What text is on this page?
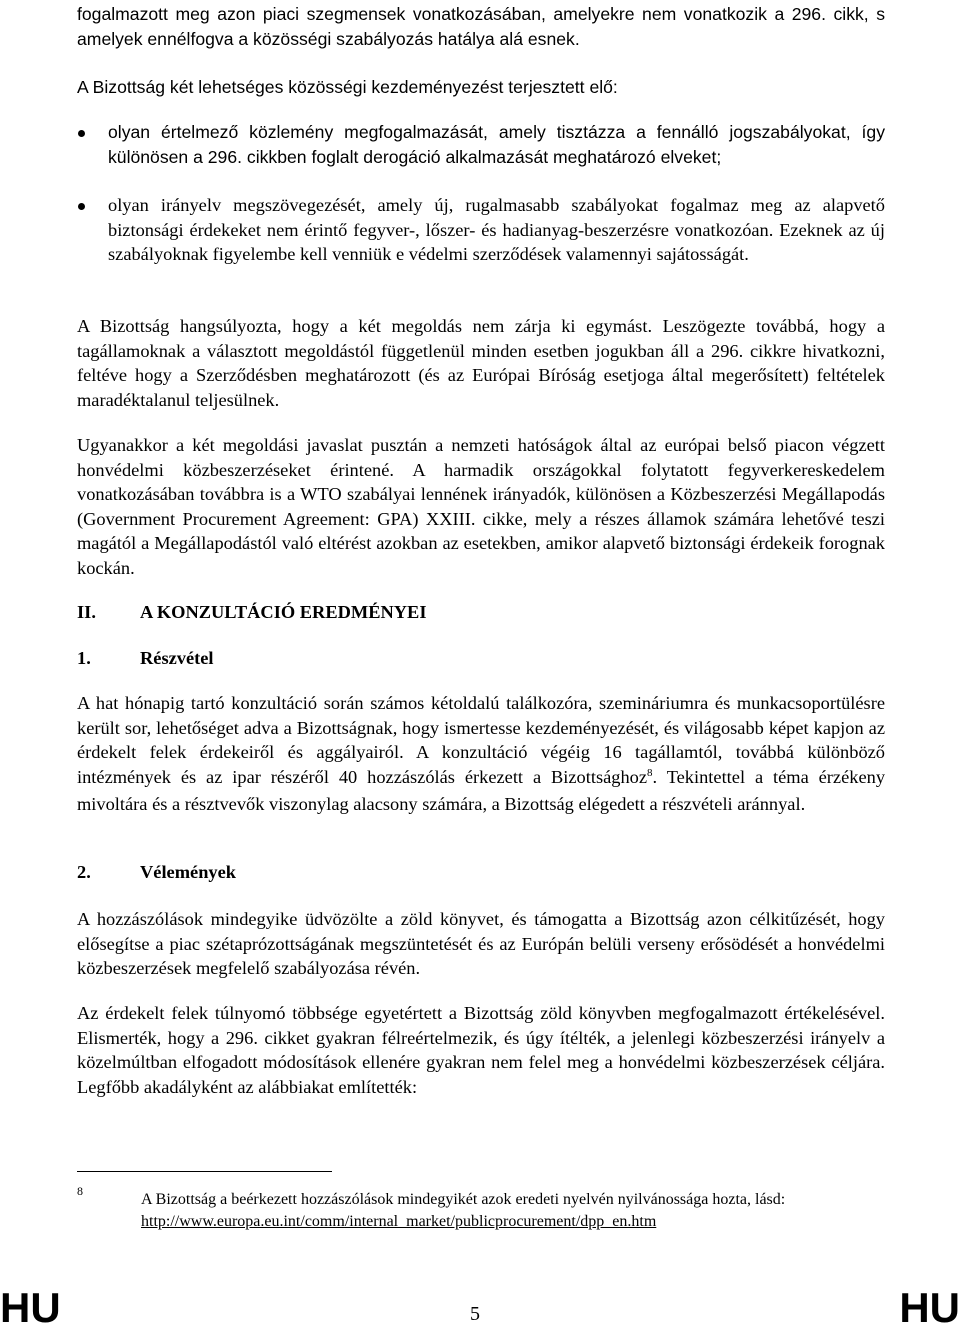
fogalmazott meg azon piaci szegmensek vonatkozásában, amelyekre nem vonatkozik a 296. cikk, s amelyek ennélfogva a közösségi szabályozás hatálya alá esnek.

A Bizottság két lehetséges közösségi kezdeményezést terjesztett elő:

olyan értelmező közlemény megfogalmazását, amely tisztázza a fennálló jogszabályokat, így különösen a 296. cikkben foglalt derogáció alkalmazását meghatározó elveket;

olyan irányelv megszövegezését, amely új, rugalmasabb szabályokat fogalmaz meg az alapvető biztonsági érdekeket nem érintő fegyver-, lőszer- és hadianyag-beszerzésre vonatkozóan. Ezeknek az új szabályoknak figyelembe kell venniük e védelmi szerződések valamennyi sajátosságát.

A Bizottság hangsúlyozta, hogy a két megoldás nem zárja ki egymást. Leszögezte továbbá, hogy a tagállamoknak a választott megoldástól függetlenül minden esetben jogukban áll a 296. cikkre hivatkozni, feltéve hogy a Szerződésben meghatározott (és az Európai Bíróság esetjoga által megerősített) feltételek maradéktalanul teljesülnek.

Ugyanakkor a két megoldási javaslat pusztán a nemzeti hatóságok által az európai belső piacon végzett honvédelmi közbeszerzéseket érintené. A harmadik országokkal folytatott fegyverkereskedelem vonatkozásában továbbra is a WTO szabályai lennének irányadók, különösen a Közbeszerzési Megállapodás (Government Procurement Agreement: GPA) XXIII. cikke, mely a részes államok számára lehetővé teszi magától a Megállapodástól való eltérést azokban az esetekben, amikor alapvető biztonsági érdekeik forognak kockán.

II. A KONZULTÁCIÓ EREDMÉNYEI
1.	Részvétel

A hat hónapig tartó konzultáció során számos kétoldalú találkozóra, szemináriumra és munkacsoportülésre került sor, lehetőséget adva a Bizottságnak, hogy ismertesse kezdeményezését, és világosabb képet kapjon az érdekelt felek érdekeiről és aggályairól. A konzultáció végéig 16 tagállamtól, továbbá különböző intézmények és az ipar részéről 40 hozzászólás érkezett a Bizottsághoz$^8$. Tekintettel a téma érzékeny mivoltára és a résztvevők viszonylag alacsony számára, a Bizottság elégedett a részvételi aránnyal.

2.	Vélemények

A hozzászólások mindegyike üdvözölte a zöld könyvet, és támogatta a Bizottság azon célkitűzését, hogy elősegítse a piac szétaprózottságának megszüntetését és az Európán belüli verseny erősödését a honvédelmi közbeszerzések megfelelő szabályozása révén.

Az érdekelt felek túlnyomó többsége egyetértett a Bizottság zöld könyvben megfogalmazott értékelésével. Elismerték, hogy a 296. cikket gyakran félreértelmezik, és úgy ítélték, a jelenlegi közbeszerzési irányelv a közelmúltban elfogadott módosítások ellenére gyakran nem felel meg a honvédelmi közbeszerzések céljára. Legfőbb akadályként az alábbiakat említették:

8	A Bizottság a beérkezett hozzászólások mindegyikét azok eredeti nyelvén nyilvánossága hozta, lásd:
http://www.europa.eu.int/comm/internal_market/publicprocurement/dpp_en.htm
HU	5	HU
